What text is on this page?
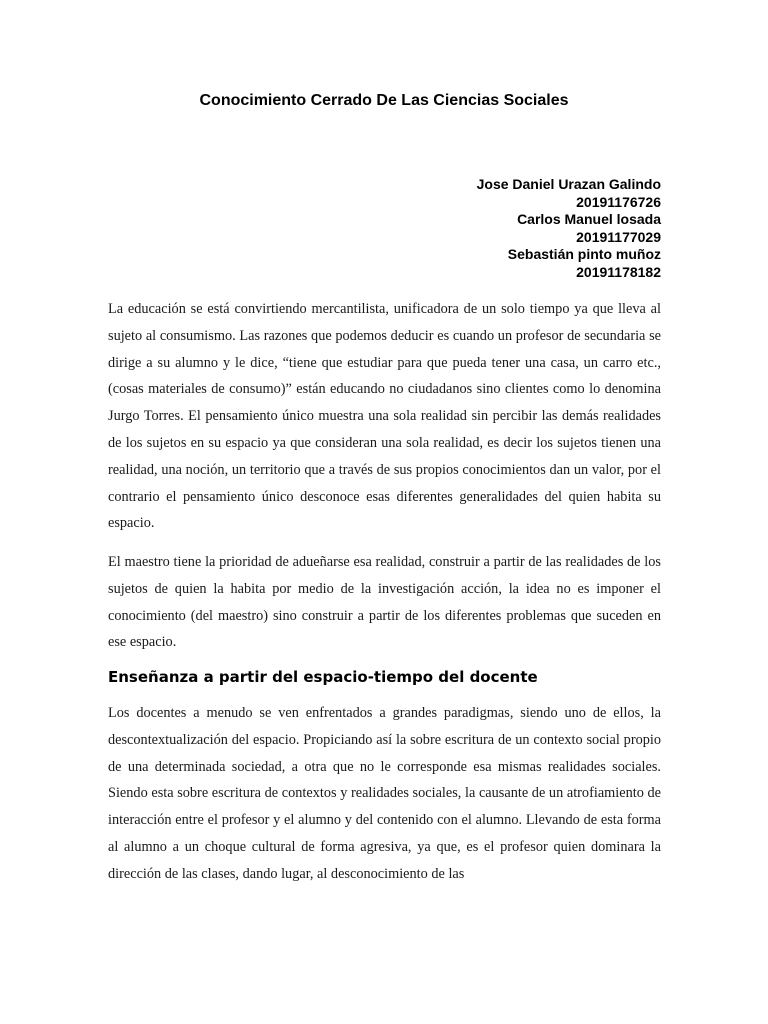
Conocimiento Cerrado De Las Ciencias Sociales
Jose Daniel Urazan Galindo
20191176726
Carlos Manuel losada
20191177029
Sebastián pinto muñoz
20191178182

La educación se está convirtiendo mercantilista, unificadora de un solo tiempo ya que lleva al sujeto al consumismo. Las razones que podemos deducir es cuando un profesor de secundaria se dirige a su alumno y le dice, “tiene que estudiar para que pueda tener una casa, un carro etc., (cosas materiales de consumo)” están educando no ciudadanos sino clientes como lo denomina Jurgo Torres. El pensamiento único muestra una sola realidad sin percibir las demás realidades de los sujetos en su espacio ya que consideran una sola realidad, es decir los sujetos tienen una realidad, una noción, un territorio que a través de sus propios conocimientos dan un valor, por el contrario el pensamiento único desconoce esas diferentes generalidades del quien habita su espacio.

El maestro tiene la prioridad de adueñarse esa realidad, construir a partir de las realidades de los sujetos de quien la habita por medio de la investigación acción, la idea no es imponer el conocimiento (del maestro) sino construir a partir de los diferentes problemas que suceden en ese espacio.

Enseñanza a partir del espacio-tiempo del docente

Los docentes a menudo se ven enfrentados a grandes paradigmas, siendo uno de ellos, la descontextualización del espacio. Propiciando así la sobre escritura de un contexto social propio de una determinada sociedad, a otra que no le corresponde esa mismas realidades sociales. Siendo esta sobre escritura de contextos y realidades sociales, la causante de un atrofiamiento de interacción entre el profesor y el alumno y del contenido con el alumno. Llevando de esta forma al alumno a un choque cultural de forma agresiva, ya que, es el profesor quien dominara la dirección de las clases, dando lugar, al desconocimiento de las
